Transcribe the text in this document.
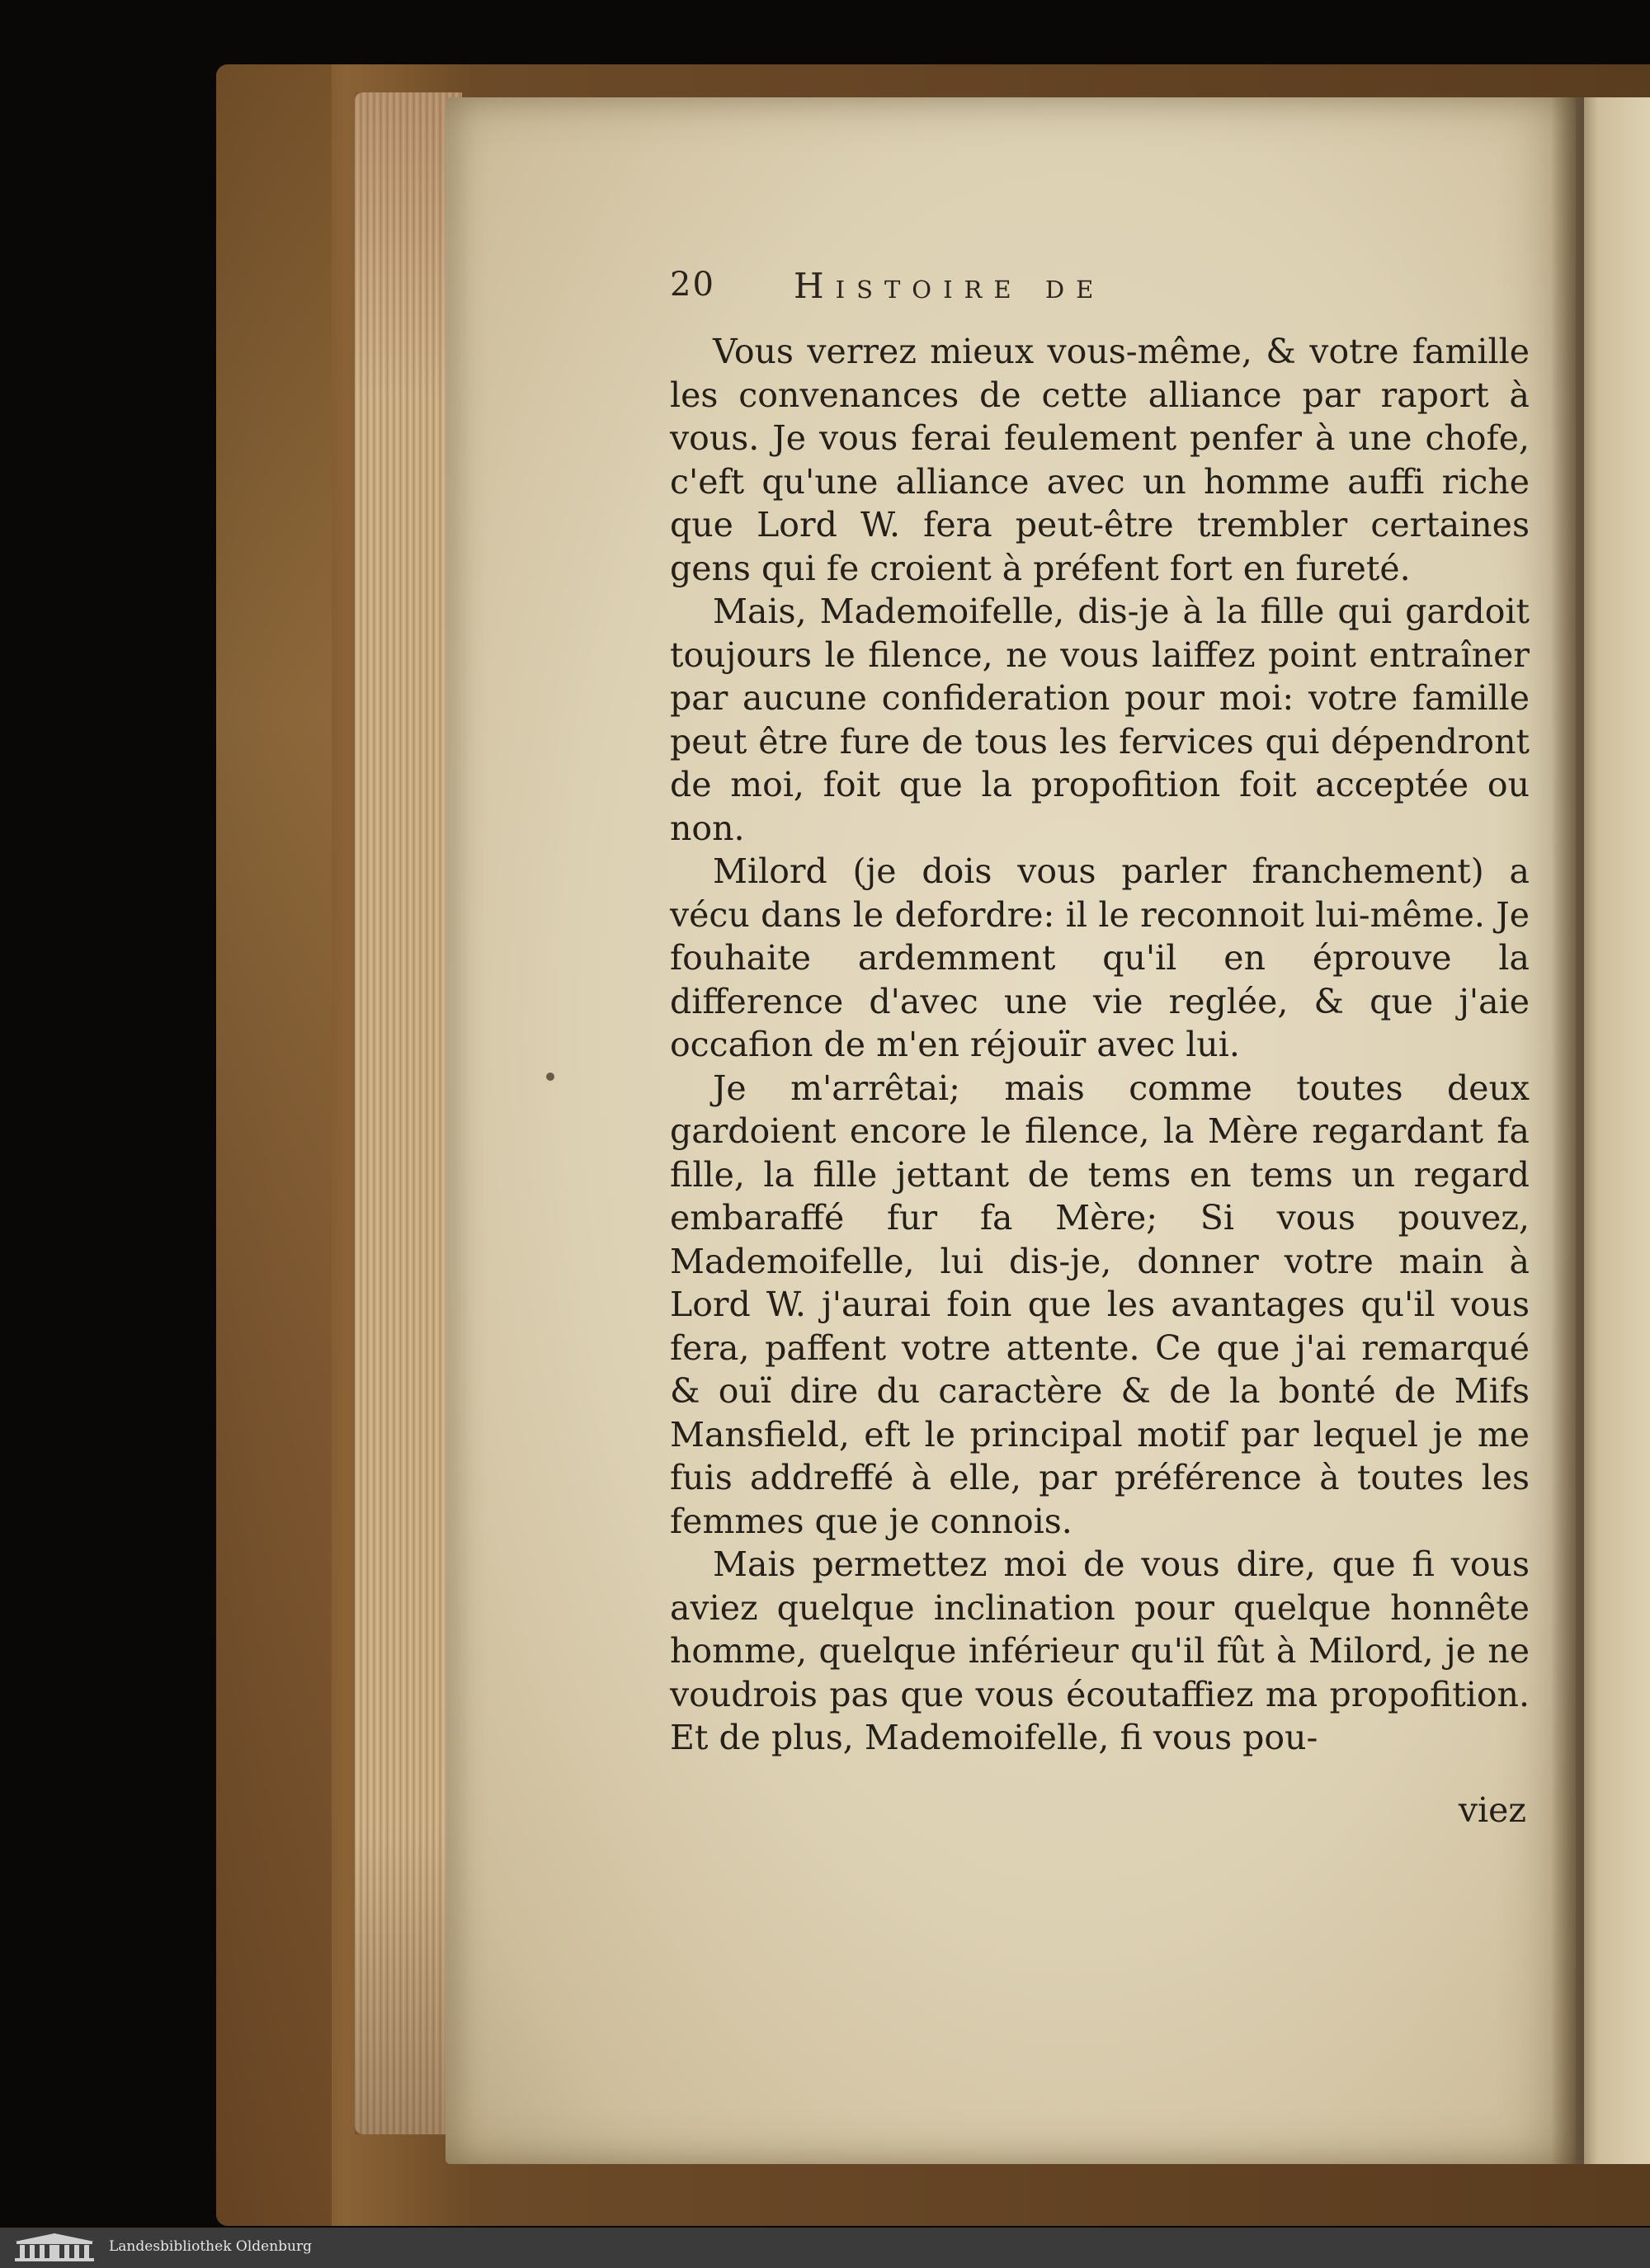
20 Histoire de

Vous verrez mieux vous-même, & votre famille les convenances de cette alliance par raport à vous. Je vous ferai feulement penfer à une chofe, c'eft qu'une alliance avec un homme auffi riche que Lord W. fera peut-être trembler certaines gens qui fe croient à préfent fort en fureté.

Mais, Mademoifelle, dis-je à la fille qui gardoit toujours le filence, ne vous laiffez point entraîner par aucune confideration pour moi: votre famille peut être fure de tous les fervices qui dépendront de moi, foit que la propofition foit acceptée ou non.

Milord (je dois vous parler franchement) a vécu dans le defordre: il le reconnoit lui-même. Je fouhaite ardemment qu'il en éprouve la difference d'avec une vie reglée, & que j'aie occafion de m'en réjouïr avec lui.

Je m'arrêtai; mais comme toutes deux gardoient encore le filence, la Mère regardant fa fille, la fille jettant de tems en tems un regard embaraffé fur fa Mère; Si vous pouvez, Mademoifelle, lui dis-je, donner votre main à Lord W. j'aurai foin que les avantages qu'il vous fera, paffent votre attente. Ce que j'ai remarqué & ouï dire du caractère & de la bonté de Mifs Mansfield, eft le principal motif par lequel je me fuis addreffé à elle, par préférence à toutes les femmes que je connois.

Mais permettez moi de vous dire, que fi vous aviez quelque inclination pour quelque honnête homme, quelque inférieur qu'il fût à Milord, je ne voudrois pas que vous écoutaffiez ma propofition. Et de plus, Mademoifelle, fi vous pou-

viez
Landesbibliothek Oldenburg
